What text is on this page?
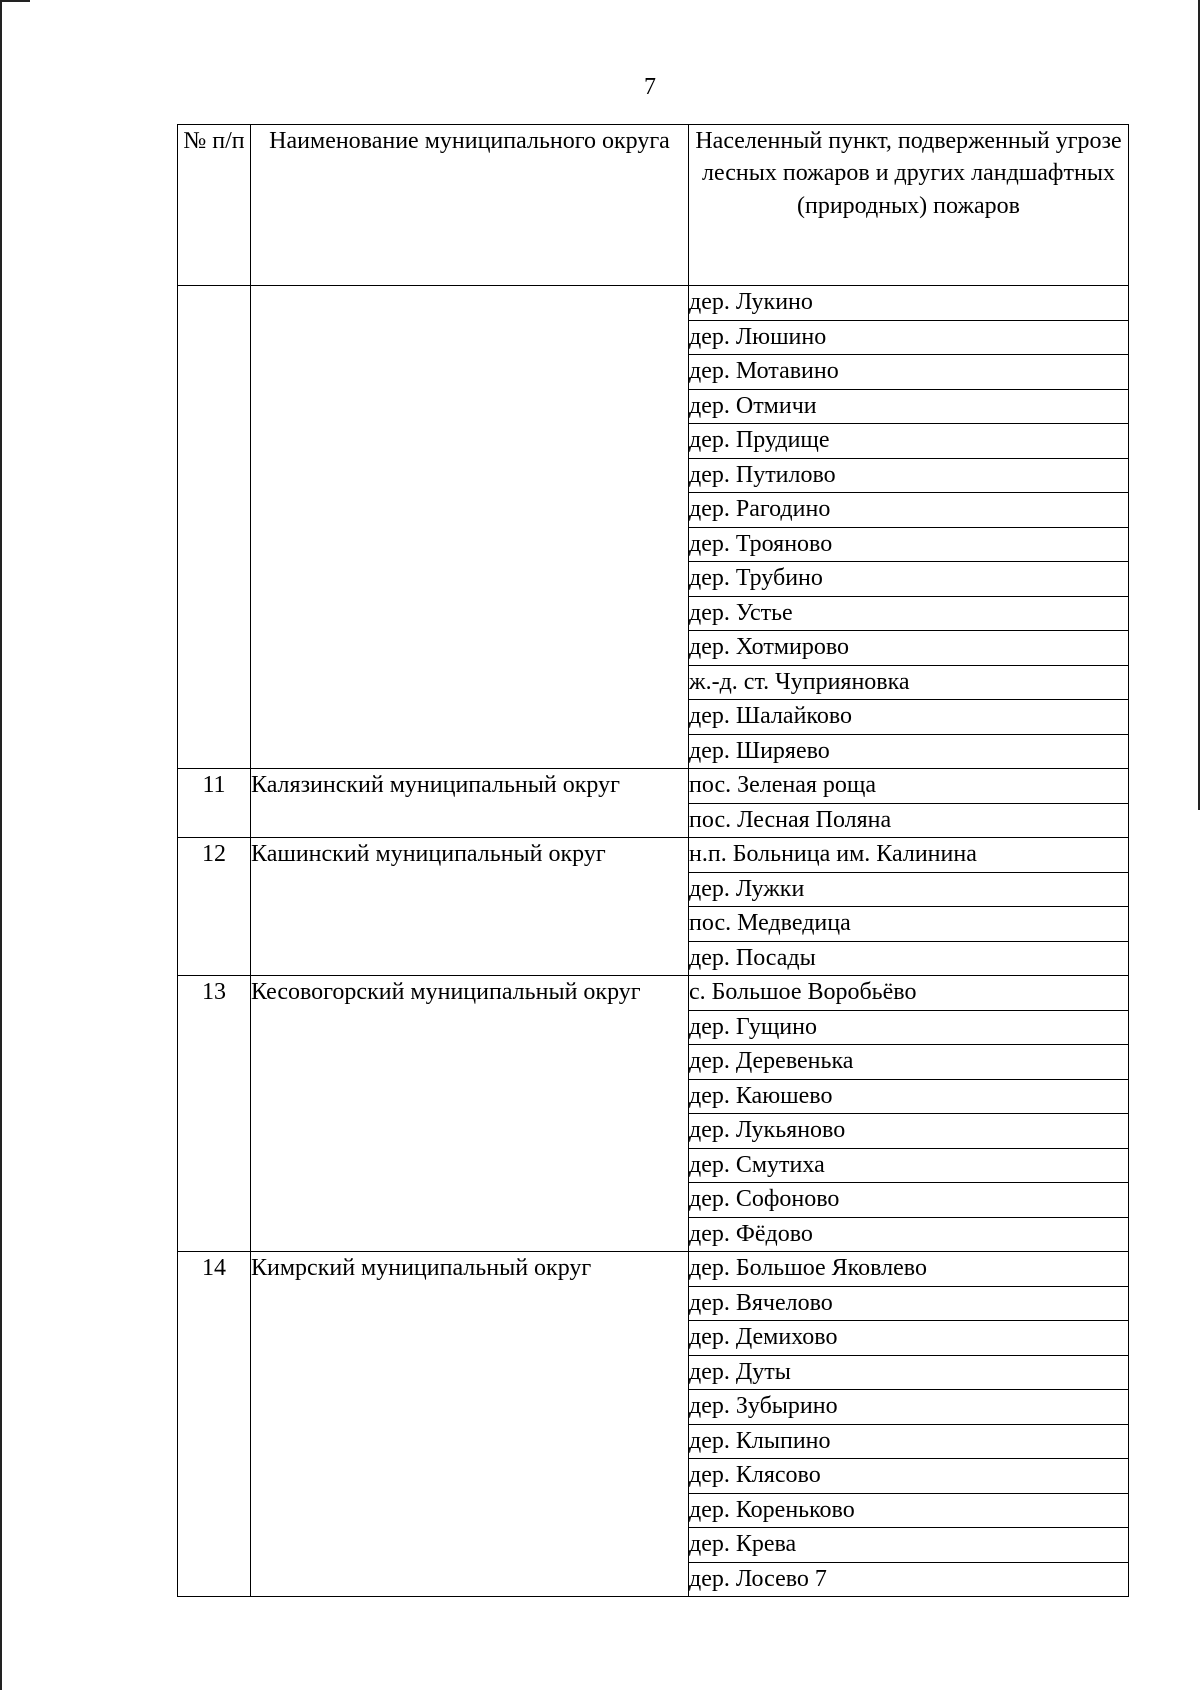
7
№ п/п	Наименование муниципального округа	Населенный пункт, подверженный угрозе лесных пожаров и других ландшафтных (природных) пожаров
		дер. Лукино
		дер. Люшино
		дер. Мотавино
		дер. Отмичи
		дер. Прудище
		дер. Путилово
		дер. Рагодино
		дер. Трояново
		дер. Трубино
		дер. Устье
		дер. Хотмирово
		ж.-д. ст. Чуприяновка
		дер. Шалайково
		дер. Ширяево
11	Калязинский муниципальный округ	пос. Зеленая роща
		пос. Лесная Поляна
12	Кашинский муниципальный округ	н.п. Больница им. Калинина
		дер. Лужки
		пос. Медведица
		дер. Посады
13	Кесовогорский муниципальный округ	с. Большое Воробьёво
		дер. Гущино
		дер. Деревенька
		дер. Каюшево
		дер. Лукьяново
		дер. Смутиха
		дер. Софоново
		дер. Фёдово
14	Кимрский муниципальный округ	дер. Большое Яковлево
		дер. Вячелово
		дер. Демихово
		дер. Дуты
		дер. Зубырино
		дер. Клыпино
		дер. Клясово
		дер. Кореньково
		дер. Крева
		дер. Лосево 7
